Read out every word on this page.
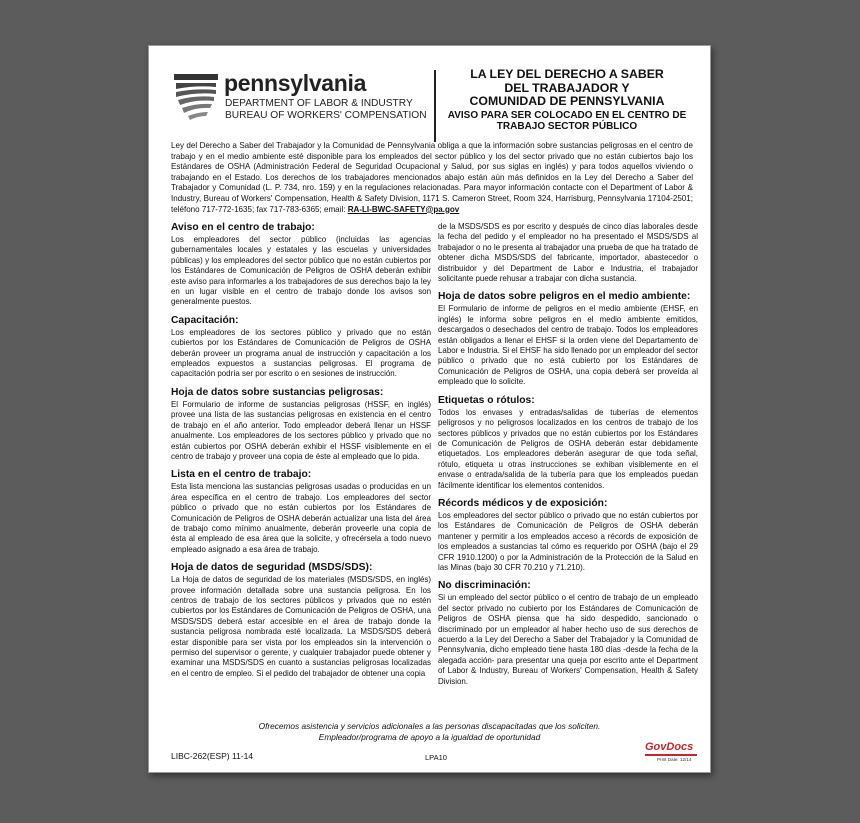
pennsylvania
DEPARTMENT OF LABOR & INDUSTRY
BUREAU OF WORKERS' COMPENSATION
LA LEY DEL DERECHO A SABER
DEL TRABAJADOR Y
COMUNIDAD DE PENNSYLVANIA
AVISO PARA SER COLOCADO EN EL CENTRO DE
TRABAJO SECTOR PÚBLICO
Ley del Derecho a Saber del Trabajador y la Comunidad de Pennsylvania obliga a que la información sobre sustancias peligrosas en el centro de trabajo y en el medio ambiente esté disponible para los empleados del sector público y los del sector privado que no están cubiertos bajo los Estándares de OSHA (Administración Federal de Seguridad Ocupacional y Salud, por sus siglas en inglés) y para todos aquellos viviendo o trabajando en el Estado. Los derechos de los trabajadores mencionados abajo están aún más definidos en la Ley del Derecho a Saber del Trabajador y Comunidad (L. P. 734, nro. 159) y en la regulaciones relacionadas. Para mayor información contacte con el Department of Labor & Industry, Bureau of Workers' Compensation, Health & Safety Division, 1171 S. Cameron Street, Room 324, Harrisburg, Pennsylvania 17104-2501; teléfono 717-772-1635; fax 717-783-6365; email: RA-LI-BWC-SAFETY@pa.gov
Aviso en el centro de trabajo:

Los empleadores del sector público (incluidas las agencias gubernamentales locales y estatales y las escuelas y universidades públicas) y los empleadores del sector público que no están cubiertos por los Estándares de Comunicación de Peligros de OSHA deberán exhibir este aviso para informarles a los trabajadores de sus derechos bajo la ley en un lugar visible en el centro de trabajo donde los avisos son generalmente puestos.

Capacitación:

Los empleadores de los sectores público y privado que no están cubiertos por los Estándares de Comunicación de Peligros de OSHA deberán proveer un programa anual de instrucción y capacitación a los empleados expuestos a sustancias peligrosas. El programa de capacitación podría ser por escrito o en sesiones de instrucción.

Hoja de datos sobre sustancias peligrosas:

El Formulario de informe de sustancias peligrosas (HSSF, en inglés) provee una lista de las sustancias peligrosas en existencia en el centro de trabajo en el año anterior. Todo empleador deberá llenar un HSSF anualmente. Los empleadores de los sectores público y privado que no están cubiertos por OSHA deberán exhibir el HSSF visiblemente en el centro de trabajo y proveer una copia de éste al empleado que lo pida.

Lista en el centro de trabajo:

Esta lista menciona las sustancias peligrosas usadas o producidas en un área específica en el centro de trabajo. Los empleadores del sector público o privado que no están cubiertos por los Estándares de Comunicación de Peligros de OSHA deberán actualizar una lista del área de trabajo como mínimo anualmente, deberán proveerle una copia de ésta al empleado de esa área que la solicite, y ofrecérsela a todo nuevo empleado asignado a esa área de trabajo.

Hoja de datos de seguridad (MSDS/SDS):

La Hoja de datos de seguridad de los materiales (MSDS/SDS, en inglés) provee información detallada sobre una sustancia peligrosa. En los centros de trabajo de los sectores públicos y privados que no estén cubiertos por los Estándares de Comunicación de Peligros de OSHA, una MSDS/SDS deberá estar accesible en el área de trabajo donde la sustancia peligrosa nombrada esté localizada. La MSDS/SDS deberá estar disponible para ser vista por los empleados sin la intervención o permiso del supervisor o gerente, y cualquier trabajador puede obtener y examinar una MSDS/SDS en cuanto a sustancias peligrosas localizadas en el centro de empleo. Si el pedido del trabajador de obtener una copia

de la MSDS/SDS es por escrito y después de cinco días laborales desde la fecha del pedido y el empleador no ha presentado el MSDS/SDS al trabajador o no le presenta al trabajador una prueba de que ha tratado de obtener dicha MSDS/SDS del fabricante, importador, abastecedor o distribuidor y del Department de Labor e Industria, el trabajador solicitante puede rehusar a trabajar con dicha sustancia.

Hoja de datos sobre peligros en el medio ambiente:

El Formulario de informe de peligros en el medio ambiente (EHSF, en inglés) le informa sobre peligros en el medio ambiente emitidos, descargados o desechados del centro de trabajo. Todos los empleadores están obligados a llenar el EHSF si la orden viene del Departamento de Labor e Industria. Si el EHSF ha sido llenado por un empleador del sector público o privado que no está cubierto por los Estándares de Comunicación de Peligros de OSHA, una copia deberá ser proveída al empleado que lo solicite.

Etiquetas o rótulos:

Todos los envases y entradas/salidas de tuberías de elementos peligrosos y no peligrosos localizados en los centros de trabajo de los sectores públicos y privados que no están cubiertos por los Estándares de Comunicación de Peligros de OSHA deberán estar debidamente etiquetados. Los empleadores deberán asegurar de que toda señal, rótulo, etiqueta u otras instrucciones se exhiban visiblemente en el envase o entrada/salida de la tubería para que los empleados puedan fácilmente identificar los elementos contenidos.

Récords médicos y de exposición:

Los empleadores del sector público o privado que no están cubiertos por los Estándares de Comunicación de Peligros de OSHA deberán mantener y permitir a los empleados acceso a récords de exposición de los empleados a sustancias tal cómo es requerido por OSHA (bajo el 29 CFR 1910.1200) o por la Administración de la Protección de la Salud en las Minas (bajo 30 CFR 70.210 y 71.210).

No discriminación:

Si un empleado del sector público o el centro de trabajo de un empleado del sector privado no cubierto por los Estándares de Comunicación de Peligros de OSHA piensa que ha sido despedido, sancionado o discriminado por un empleador al haber hecho uso de sus derechos de acuerdo a la Ley del Derecho a Saber del Trabajador y la Comunidad de Pennsylvania, dicho empleado tiene hasta 180 días -desde la fecha de la alegada acción- para presentar una queja por escrito ante el Department of Labor & Industry, Bureau of Workers' Compensation, Health & Safety Division.

Ofrecemos asistencia y servicios adicionales a las personas discapacitadas que los soliciten.
Empleador/programa de apoyo a la igualdad de oportunidad
LIBC-262(ESP) 11-14	LPA10
GovDocs
Print Date: 12/14
